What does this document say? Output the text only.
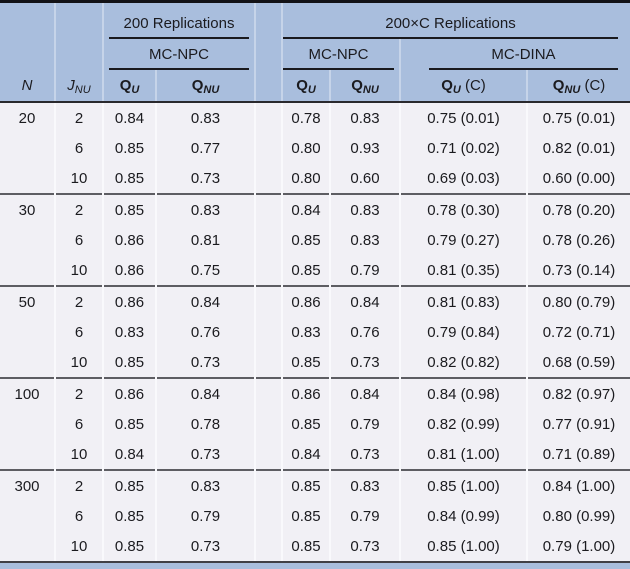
		200 Replications			200×C Replications			

		MC-NPC			MC-NPC		MC-DINA	

N	$J_{NU}$	$Q_U$	$Q_{NU}$		$Q_U$	$Q_{NU}$	$Q_U$ (C)	$Q_{NU}$ (C)
20	2	0.84	0.83		0.78	0.83	0.75 (0.01)	0.75 (0.01)
	6	0.85	0.77		0.80	0.93	0.71 (0.02)	0.82 (0.01)
	10	0.85	0.73		0.80	0.60	0.69 (0.03)	0.60 (0.00)
30	2	0.85	0.83		0.84	0.83	0.78 (0.30)	0.78 (0.20)
	6	0.86	0.81		0.85	0.83	0.79 (0.27)	0.78 (0.26)
	10	0.86	0.75		0.85	0.79	0.81 (0.35)	0.73 (0.14)
50	2	0.86	0.84		0.86	0.84	0.81 (0.83)	0.80 (0.79)
	6	0.83	0.76		0.83	0.76	0.79 (0.84)	0.72 (0.71)
	10	0.85	0.73		0.85	0.73	0.82 (0.82)	0.68 (0.59)
100	2	0.86	0.84		0.86	0.84	0.84 (0.98)	0.82 (0.97)
	6	0.85	0.78		0.85	0.79	0.82 (0.99)	0.77 (0.91)
	10	0.84	0.73		0.84	0.73	0.81 (1.00)	0.71 (0.89)
300	2	0.85	0.83		0.85	0.83	0.85 (1.00)	0.84 (1.00)
	6	0.85	0.79		0.85	0.79	0.84 (0.99)	0.80 (0.99)
	10	0.85	0.73		0.85	0.73	0.85 (1.00)	0.79 (1.00)
